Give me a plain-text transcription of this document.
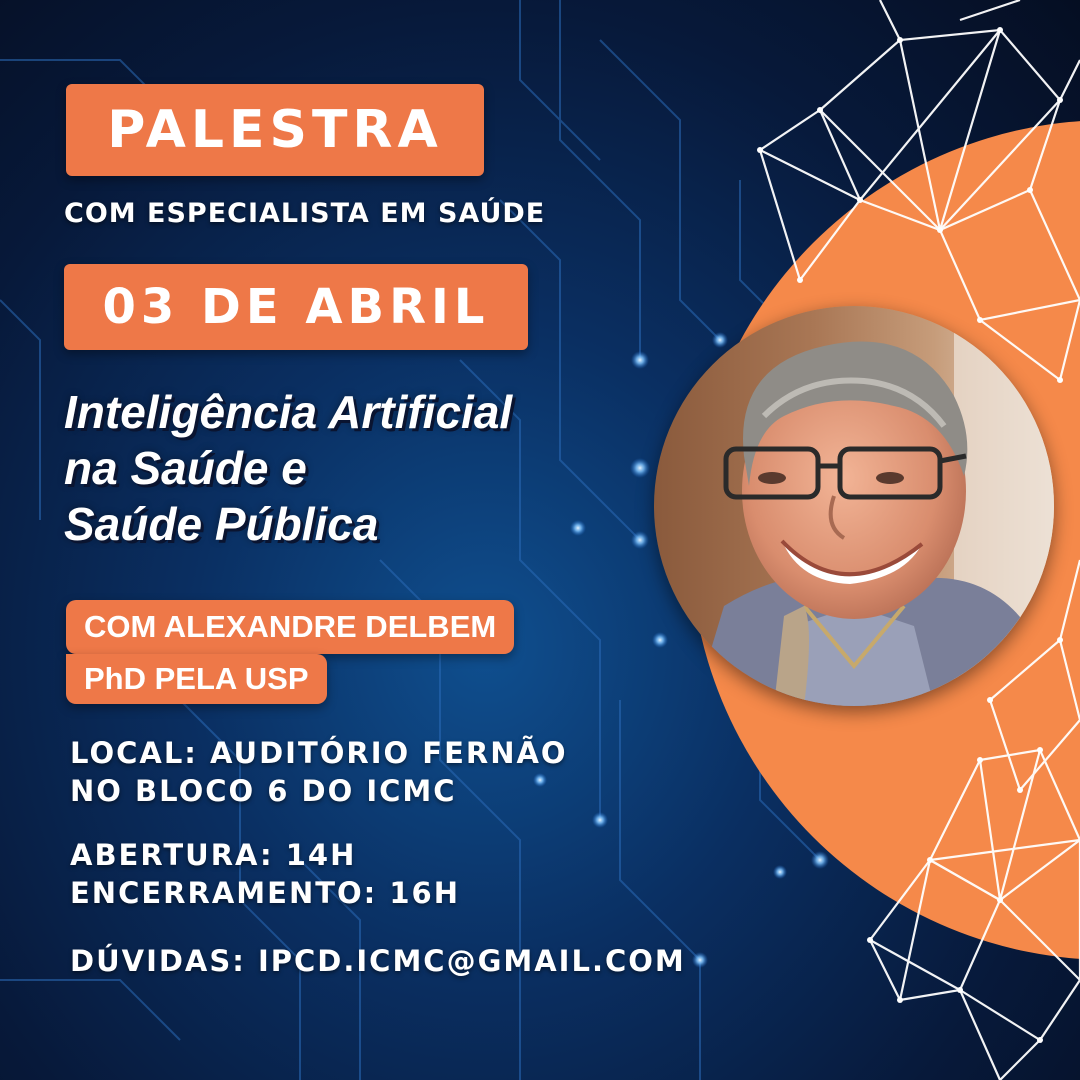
PALESTRA
COM ESPECIALISTA EM SAÚDE
03 DE ABRIL
Inteligência Artificial
na Saúde e
Saúde Pública
COM ALEXANDRE DELBEM
PhD PELA USP
LOCAL: AUDITÓRIO FERNÃO
NO BLOCO 6 DO ICMC
ABERTURA: 14H
ENCERRAMENTO: 16H
DÚVIDAS: IPCD.ICMC@GMAIL.COM
